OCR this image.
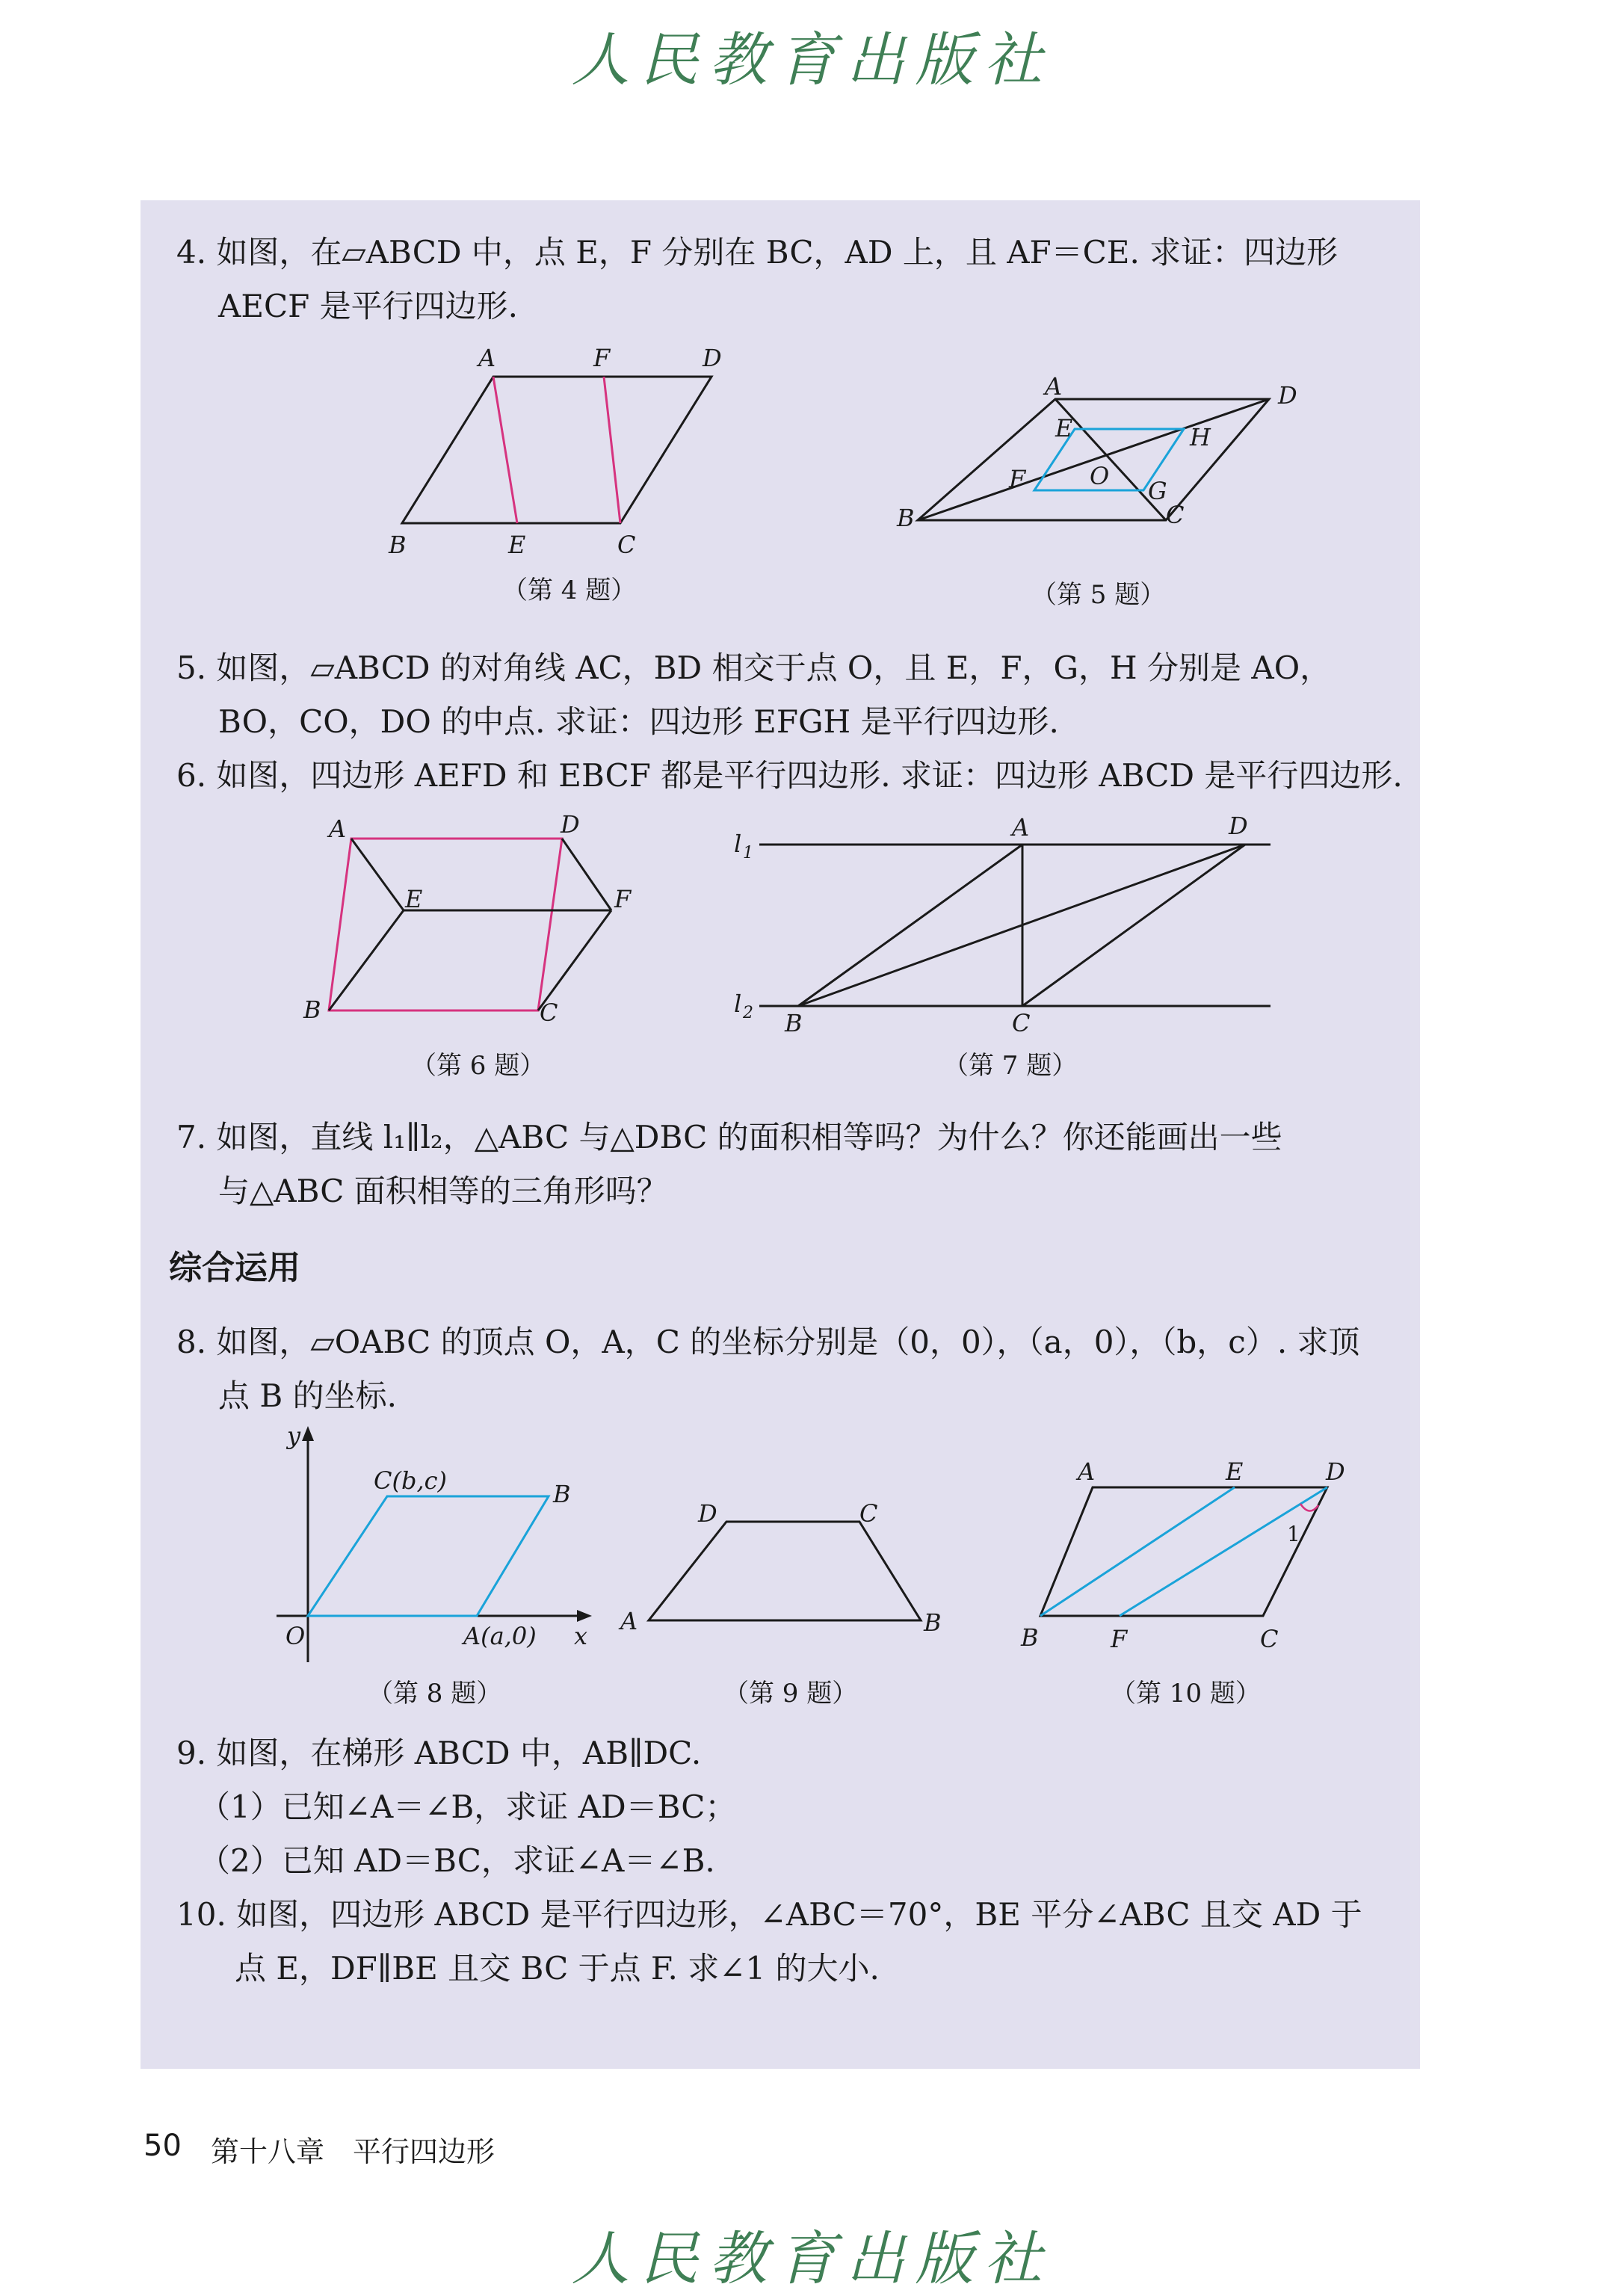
人民教育出版社
4. 如图，在▱ABCD 中，点 E，F 分别在 BC，AD 上，且 AF＝CE. 求证：四边形
AECF 是平行四边形.
A	F	D
B	E	C
（第 4 题）
A	D
E	H
F	O
G
B	C
（第 5 题）
5. 如图，▱ABCD 的对角线 AC，BD 相交于点 O，且 E，F，G，H 分别是 AO，
BO，CO，DO 的中点. 求证：四边形 EFGH 是平行四边形.
6. 如图，四边形 AEFD 和 EBCF 都是平行四边形. 求证：四边形 ABCD 是平行四边形.
A	D
E	F
B	C
（第 6 题）
l 1
l 2
A	D
B	C
（第 7 题）
7. 如图，直线 l₁∥l₂，△ABC 与△DBC 的面积相等吗？为什么？你还能画出一些
与△ABC 面积相等的三角形吗？
综合运用
8. 如图，▱OABC 的顶点 O，A，C 的坐标分别是（0，0），（a，0），（b，c）. 求顶
点 B 的坐标.
y
C(b,c)	B
O	A(a,0) x
（第 8 题）
D	C
A	B
（第 9 题）
A	E	D
1
B	F	C
（第 10 题）
9. 如图，在梯形 ABCD 中，AB∥DC.
（1）已知∠A＝∠B，求证 AD＝BC；
（2）已知 AD＝BC，求证∠A＝∠B.
10. 如图，四边形 ABCD 是平行四边形，∠ABC＝70°，BE 平分∠ABC 且交 AD 于
点 E，DF∥BE 且交 BC 于点 F. 求∠1 的大小.
50 第十八章　平行四边形
人民教育出版社
